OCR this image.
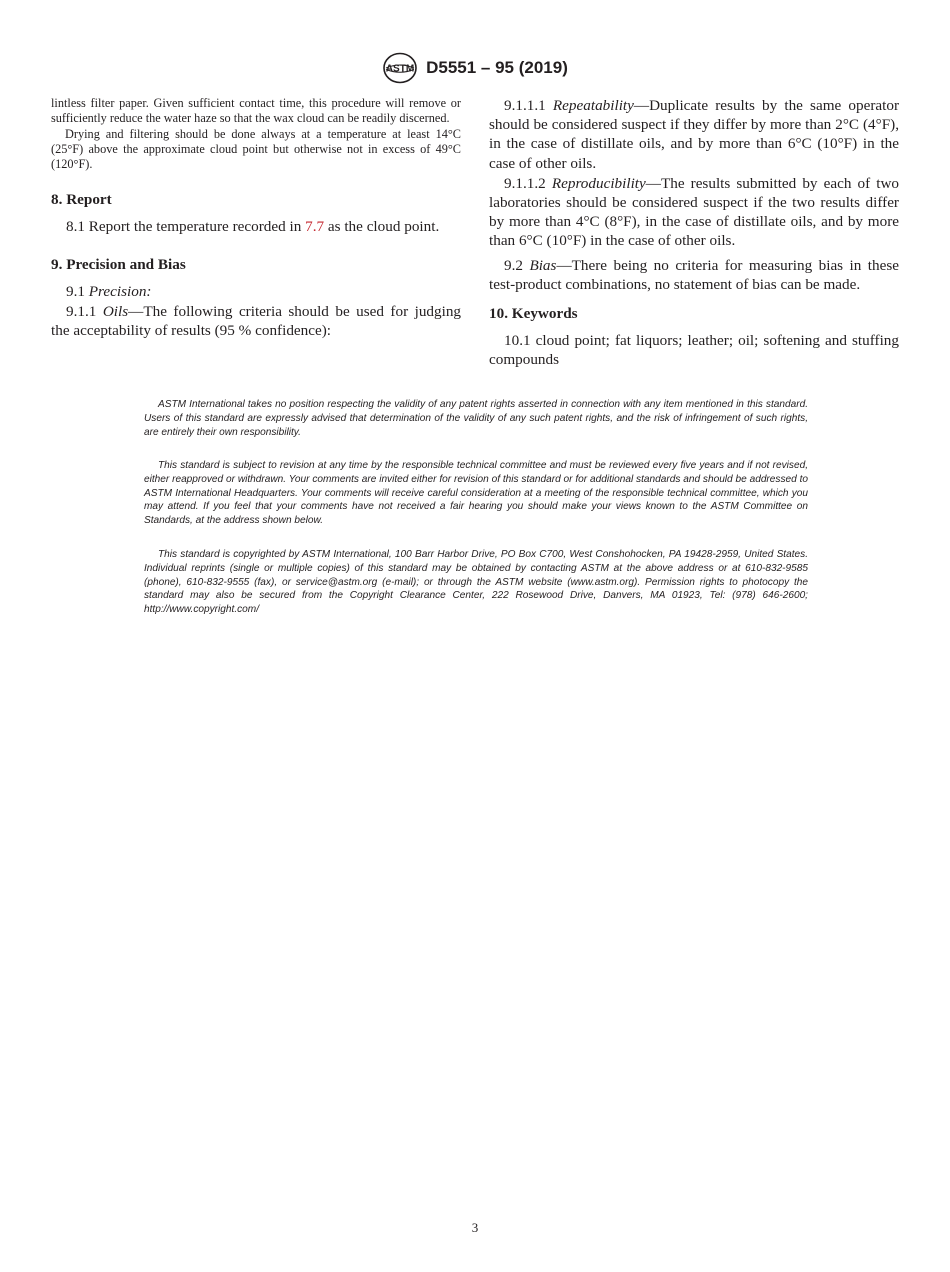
ASTM D5551 – 95 (2019)

lintless filter paper. Given sufficient contact time, this procedure will remove or sufficiently reduce the water haze so that the wax cloud can be readily discerned.

Drying and filtering should be done always at a temperature at least 14°C (25°F) above the approximate cloud point but otherwise not in excess of 49°C (120°F).

8. Report

8.1 Report the temperature recorded in 7.7 as the cloud point.

9. Precision and Bias

9.1 Precision:

9.1.1 Oils—The following criteria should be used for judging the acceptability of results (95 % confidence):

9.1.1.1 Repeatability—Duplicate results by the same operator should be considered suspect if they differ by more than 2°C (4°F), in the case of distillate oils, and by more than 6°C (10°F) in the case of other oils.

9.1.1.2 Reproducibility—The results submitted by each of two laboratories should be considered suspect if the two results differ by more than 4°C (8°F), in the case of distillate oils, and by more than 6°C (10°F) in the case of other oils.

9.2 Bias—There being no criteria for measuring bias in these test-product combinations, no statement of bias can be made.

10. Keywords

10.1 cloud point; fat liquors; leather; oil; softening and stuffing compounds

ASTM International takes no position respecting the validity of any patent rights asserted in connection with any item mentioned in this standard. Users of this standard are expressly advised that determination of the validity of any such patent rights, and the risk of infringement of such rights, are entirely their own responsibility.

This standard is subject to revision at any time by the responsible technical committee and must be reviewed every five years and if not revised, either reapproved or withdrawn. Your comments are invited either for revision of this standard or for additional standards and should be addressed to ASTM International Headquarters. Your comments will receive careful consideration at a meeting of the responsible technical committee, which you may attend. If you feel that your comments have not received a fair hearing you should make your views known to the ASTM Committee on Standards, at the address shown below.

This standard is copyrighted by ASTM International, 100 Barr Harbor Drive, PO Box C700, West Conshohocken, PA 19428-2959, United States. Individual reprints (single or multiple copies) of this standard may be obtained by contacting ASTM at the above address or at 610-832-9585 (phone), 610-832-9555 (fax), or service@astm.org (e-mail); or through the ASTM website (www.astm.org). Permission rights to photocopy the standard may also be secured from the Copyright Clearance Center, 222 Rosewood Drive, Danvers, MA 01923, Tel: (978) 646-2600; http://www.copyright.com/

3
